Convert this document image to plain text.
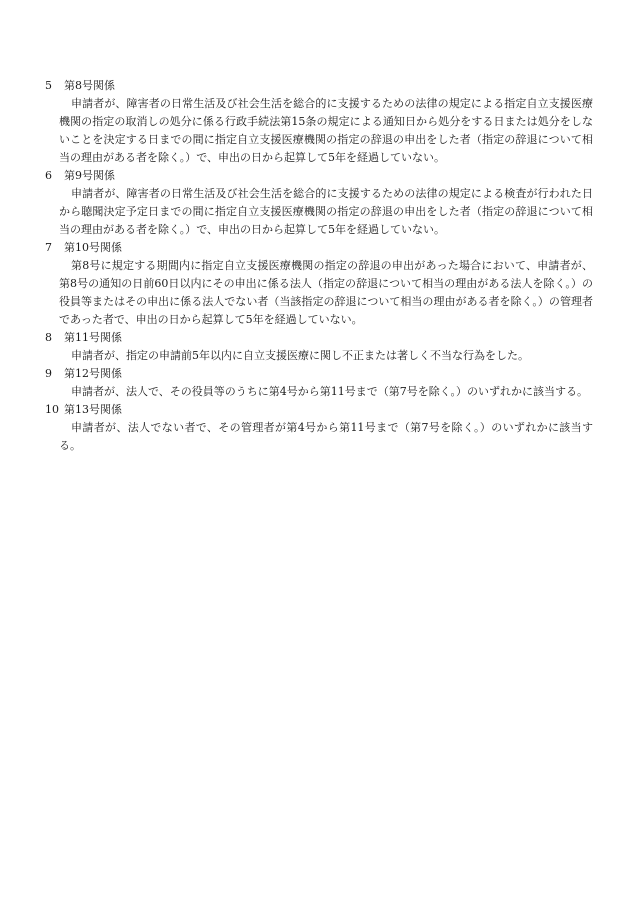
5 第8号関係

申請者が、障害者の日常生活及び社会生活を総合的に支援するための法律の規定による指定自立支援医療機関の指定の取消しの処分に係る行政手続法第15条の規定による通知日から処分をする日または処分をしないことを決定する日までの間に指定自立支援医療機関の指定の辞退の申出をした者（指定の辞退について相当の理由がある者を除く。）で、申出の日から起算して5年を経過していない。

6 第9号関係

申請者が、障害者の日常生活及び社会生活を総合的に支援するための法律の規定による検査が行われた日から聴聞決定予定日までの間に指定自立支援医療機関の指定の辞退の申出をした者（指定の辞退について相当の理由がある者を除く。）で、申出の日から起算して5年を経過していない。

7 第10号関係

第8号に規定する期間内に指定自立支援医療機関の指定の辞退の申出があった場合において、申請者が、第8号の通知の日前60日以内にその申出に係る法人（指定の辞退について相当の理由がある法人を除く。）の役員等またはその申出に係る法人でない者（当該指定の辞退について相当の理由がある者を除く。）の管理者であった者で、申出の日から起算して5年を経過していない。

8 第11号関係

申請者が、指定の申請前5年以内に自立支援医療に関し不正または著しく不当な行為をした。

9 第12号関係

申請者が、法人で、その役員等のうちに第4号から第11号まで（第7号を除く。）のいずれかに該当する。

10 第13号関係

申請者が、法人でない者で、その管理者が第4号から第11号まで（第7号を除く。）のいずれかに該当する。
